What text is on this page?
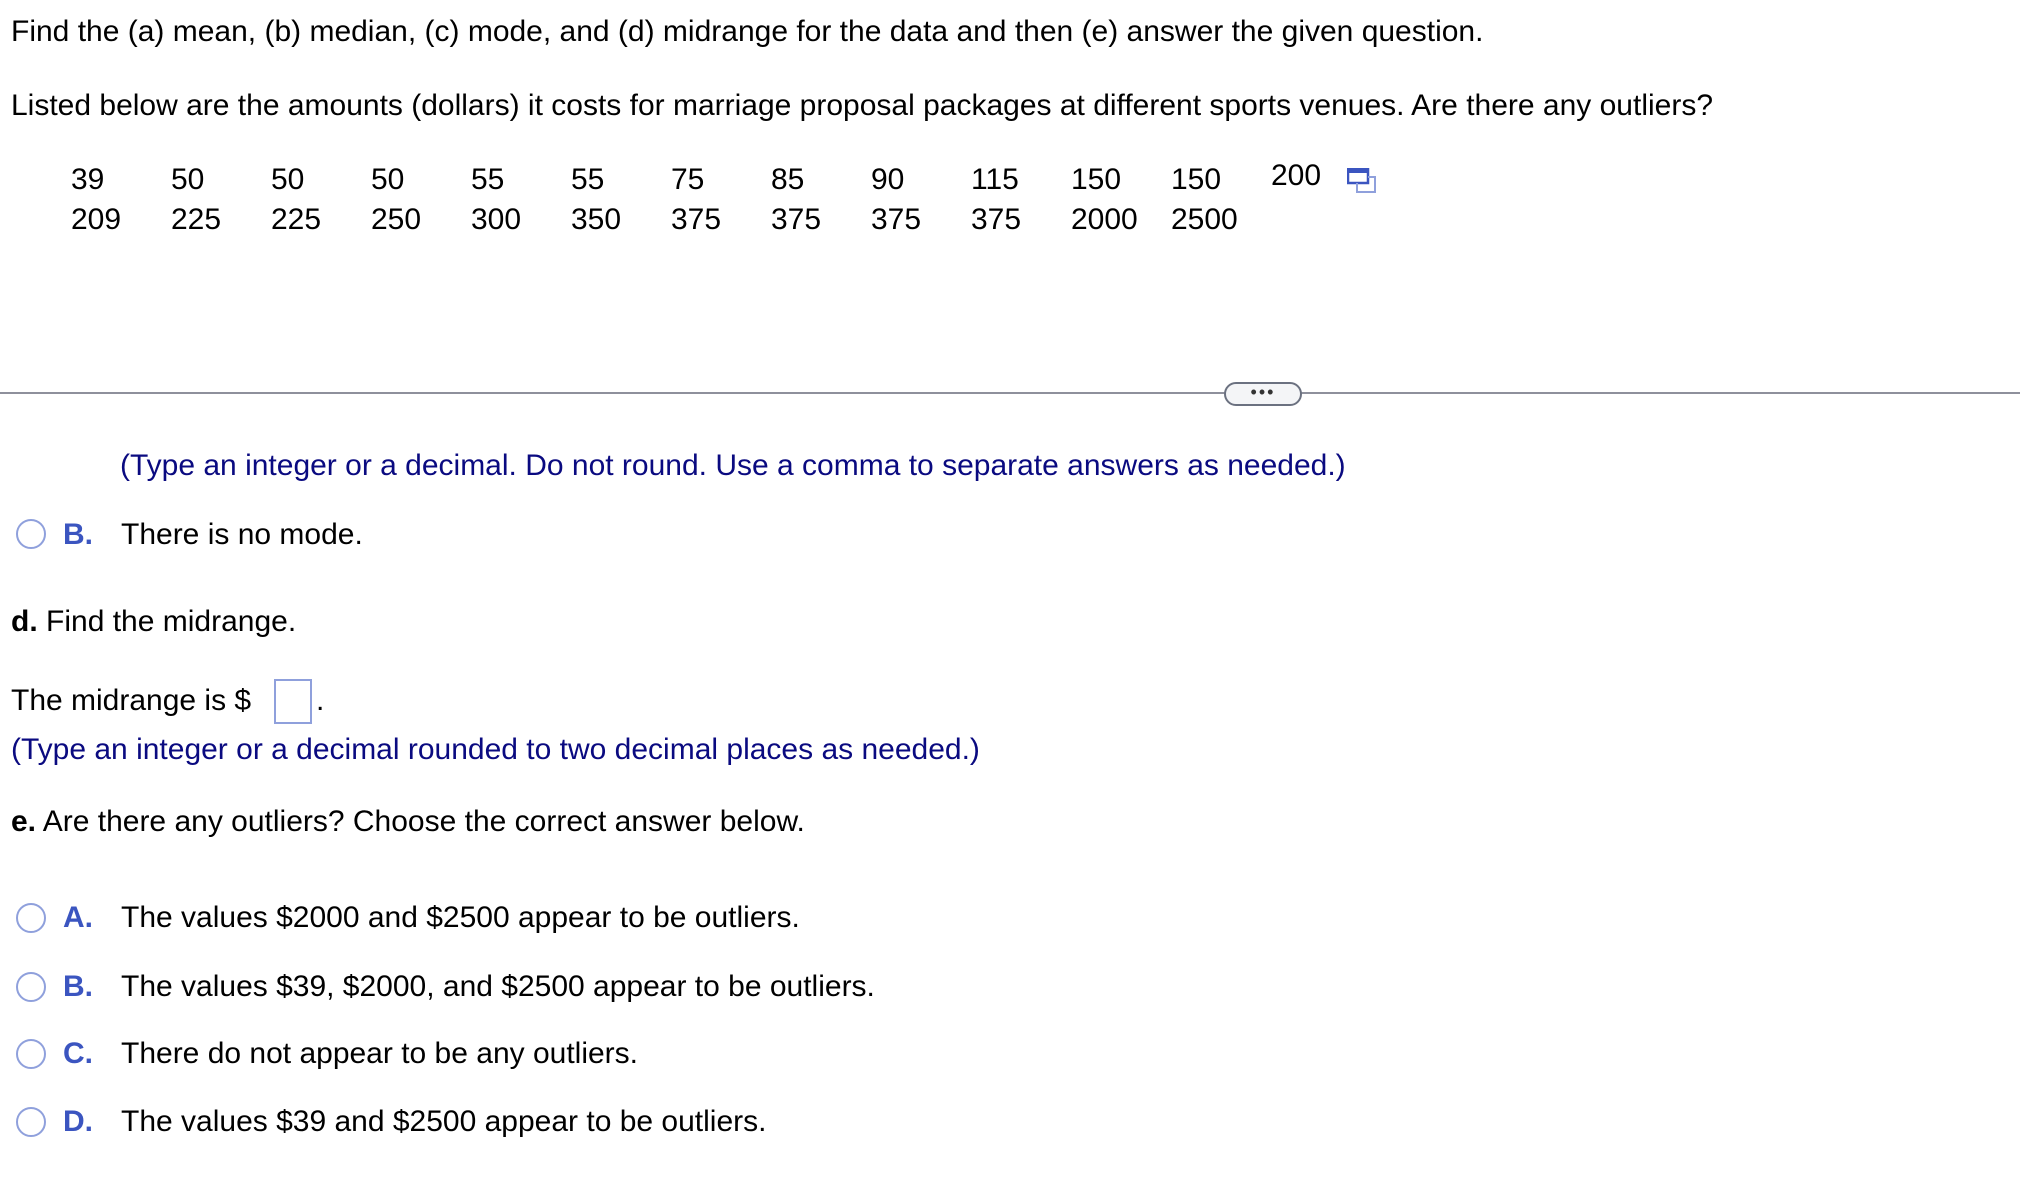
Find the (a) mean, (b) median, (c) mode, and (d) midrange for the data and then (e) answer the given question.
Listed below are the amounts (dollars) it costs for marriage proposal packages at different sports venues. Are there any outliers?
39 50 50 50 55 55 75 85 90 115 150 150 200
209 225 225 250 300 350 375 375 375 375 2000 2500
•••
(Type an integer or a decimal. Do not round. Use a comma to separate answers as needed.)
B. There is no mode.
d. Find the midrange.
The midrange is $ .
(Type an integer or a decimal rounded to two decimal places as needed.)
e. Are there any outliers? Choose the correct answer below.
A. The values $2000 and $2500 appear to be outliers.
B. The values $39, $2000, and $2500 appear to be outliers.
C. There do not appear to be any outliers.
D. The values $39 and $2500 appear to be outliers.
